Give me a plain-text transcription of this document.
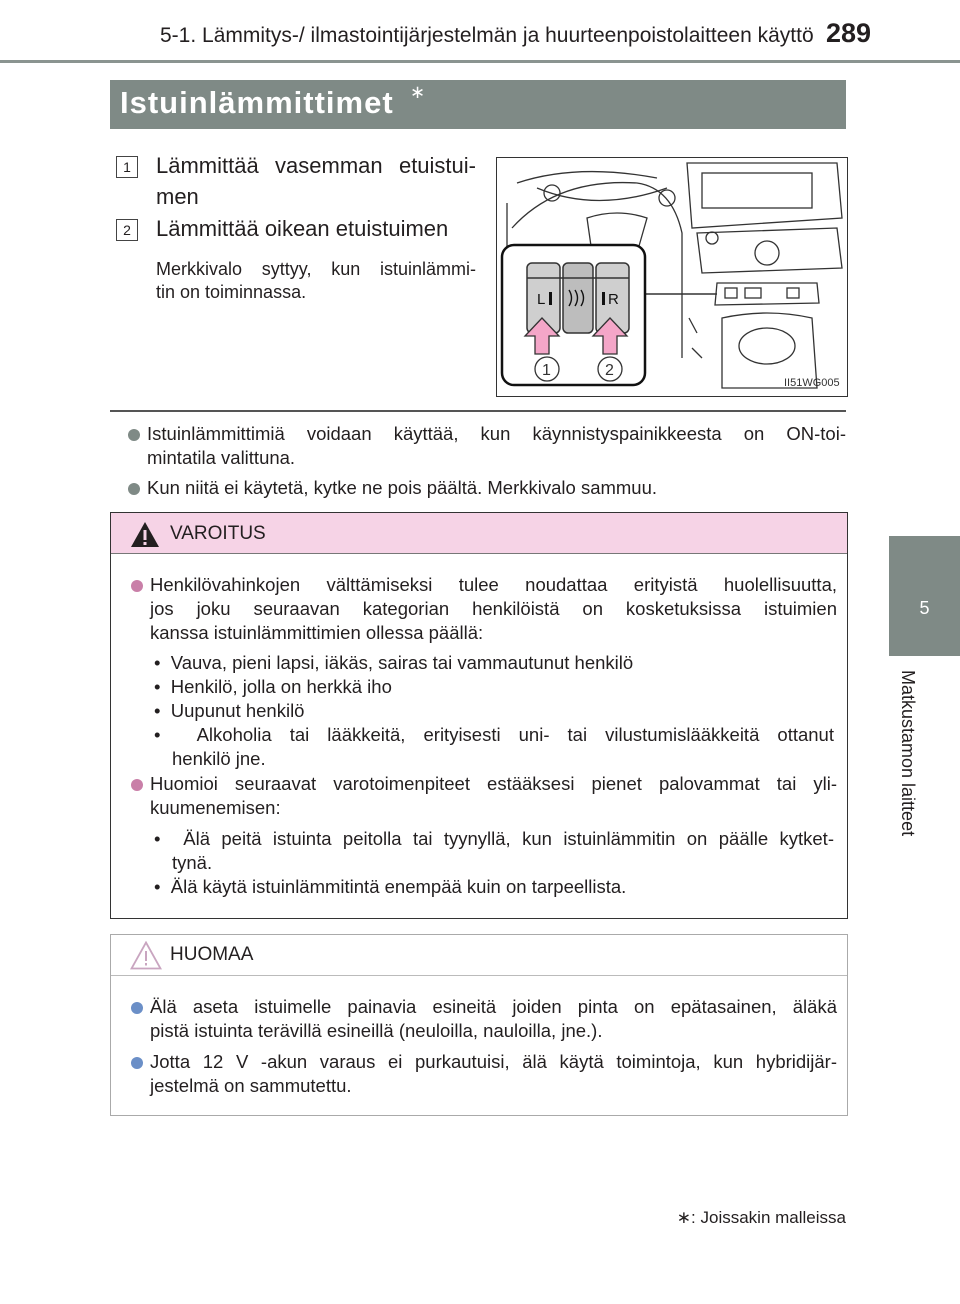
5-1. Lämmitys-/ ilmastointijärjestelmän ja huurteenpoistolaitteen käyttö 289
5
Matkustamon laitteet
Istuinlämmittimet ∗
1	Lämmittää vasemman etuistui-
men
2	Lämmittää oikean etuistuimen
Merkkivalo syttyy, kun istuinlämmi-
tin on toiminnassa.	L	R
1	2
II51WG005
Istuinlämmittimiä voidaan käyttää, kun käynnistyspainikkeesta on ON-toi-
mintatila valittuna.
Kun niitä ei käytetä, kytke ne pois päältä. Merkkivalo sammuu.
VAROITUS
Henkilövahinkojen välttämiseksi tulee noudattaa erityistä huolellisuutta,
jos joku seuraavan kategorian henkilöistä on kosketuksissa istuimien
kanssa istuinlämmittimien ollessa päällä:
•  Vauva, pieni lapsi, iäkäs, sairas tai vammautunut henkilö
•  Henkilö, jolla on herkkä iho
•  Uupunut henkilö
•  Alkoholia tai lääkkeitä, erityisesti uni- tai vilustumislääkkeitä ottanut
henkilö jne.
Huomioi seuraavat varotoimenpiteet estääksesi pienet palovammat tai yli-
kuumenemisen:
•  Älä peitä istuinta peitolla tai tyynyllä, kun istuinlämmitin on päälle kytket-
tynä.
•  Älä käytä istuinlämmitintä enempää kuin on tarpeellista.
HUOMAA
Älä aseta istuimelle painavia esineitä joiden pinta on epätasainen, äläkä
pistä istuinta terävillä esineillä (neuloilla, nauloilla, jne.).
Jotta 12 V -akun varaus ei purkautuisi, älä käytä toimintoja, kun hybridijär-
jestelmä on sammutettu.
∗: Joissakin malleissa
